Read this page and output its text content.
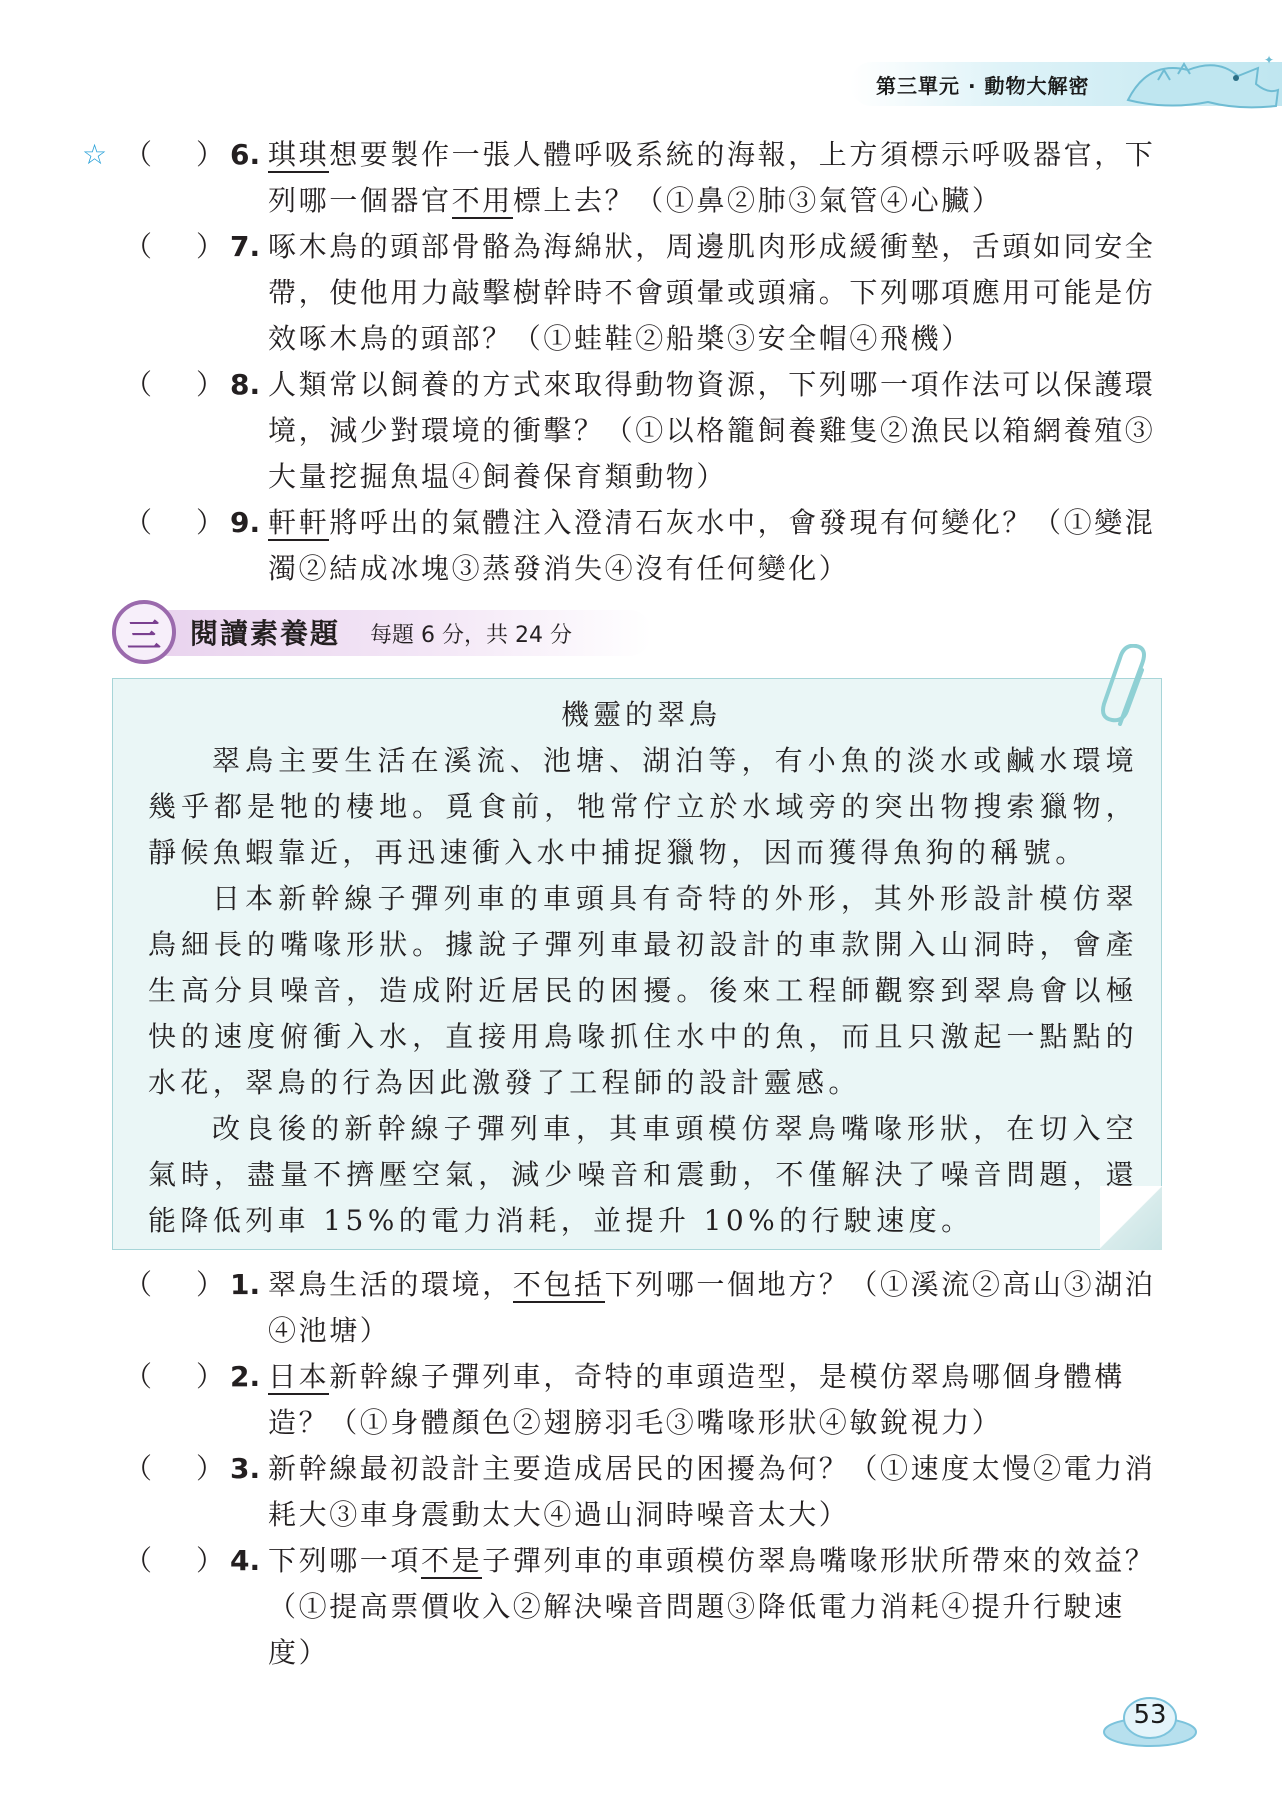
第三單元 · 動物大解密
✦
☆ （ ） 6. 琪琪想要製作一張人體呼吸系統的海報，上方須標示呼吸器官，下列哪一個器官不用標上去？（①鼻②肺③氣管④心臟）
（ ） 7. 啄木鳥的頭部骨骼為海綿狀，周邊肌肉形成緩衝墊，舌頭如同安全帶，使他用力敲擊樹幹時不會頭暈或頭痛。下列哪項應用可能是仿效啄木鳥的頭部？（①蛙鞋②船槳③安全帽④飛機）
（ ） 8. 人類常以飼養的方式來取得動物資源，下列哪一項作法可以保護環境，減少對環境的衝擊？（①以格籠飼養雞隻②漁民以箱網養殖③大量挖掘魚塭④飼養保育類動物）
（ ） 9. 軒軒將呼出的氣體注入澄清石灰水中，會發現有何變化？（①變混濁②結成冰塊③蒸發消失④沒有任何變化）
三	閱讀素養題 每題 6 分，共 24 分
機靈的翠鳥

翠鳥主要生活在溪流、池塘、湖泊等，有小魚的淡水或鹹水環境幾乎都是牠的棲地。覓食前，牠常佇立於水域旁的突出物搜索獵物，靜候魚蝦靠近，再迅速衝入水中捕捉獵物，因而獲得魚狗的稱號。

日本新幹線子彈列車的車頭具有奇特的外形，其外形設計模仿翠鳥細長的嘴喙形狀。據說子彈列車最初設計的車款開入山洞時，會產生高分貝噪音，造成附近居民的困擾。後來工程師觀察到翠鳥會以極快的速度俯衝入水，直接用鳥喙抓住水中的魚，而且只激起一點點的水花，翠鳥的行為因此激發了工程師的設計靈感。

改良後的新幹線子彈列車，其車頭模仿翠鳥嘴喙形狀，在切入空氣時，盡量不擠壓空氣，減少噪音和震動，不僅解決了噪音問題，還能降低列車 15%的電力消耗，並提升 10%的行駛速度。

（ ） 1. 翠鳥生活的環境，不包括下列哪一個地方？（①溪流②高山③湖泊④池塘）
（ ） 2. 日本新幹線子彈列車，奇特的車頭造型，是模仿翠鳥哪個身體構造？（①身體顏色②翅膀羽毛③嘴喙形狀④敏銳視力）
（ ） 3. 新幹線最初設計主要造成居民的困擾為何？（①速度太慢②電力消耗大③車身震動太大④過山洞時噪音太大）
（ ） 4. 下列哪一項不是子彈列車的車頭模仿翠鳥嘴喙形狀所帶來的效益？（①提高票價收入②解決噪音問題③降低電力消耗④提升行駛速度）
53
